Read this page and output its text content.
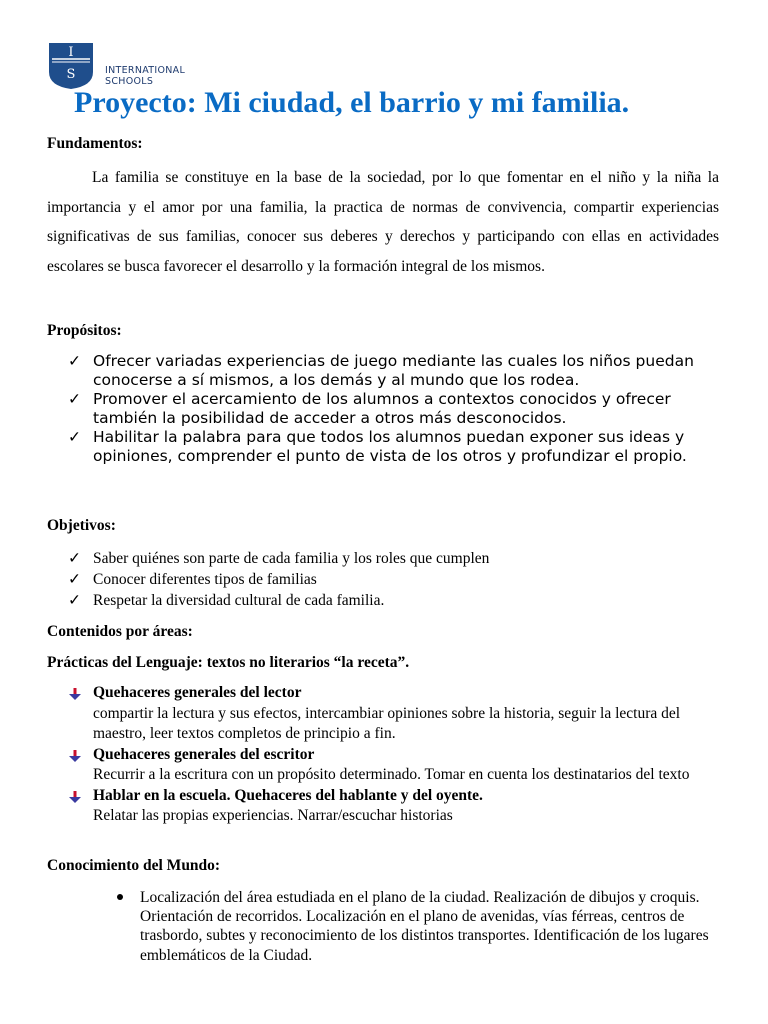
I
S	INTERNATIONAL
SCHOOLS
Proyecto: Mi ciudad, el barrio y mi familia.
Fundamentos:
La familia se constituye en la base de la sociedad, por lo que fomentar en el niño y la niña la importancia y el amor por una familia, la practica de normas de convivencia, compartir experiencias significativas de sus familias, conocer sus deberes y derechos y participando con ellas en actividades escolares se busca favorecer el desarrollo y la formación integral de los mismos.
Propósitos:
✓ Ofrecer variadas experiencias de juego mediante las cuales los niños puedan conocerse a sí mismos, a los demás y al mundo que los rodea.
✓ Promover el acercamiento de los alumnos a contextos conocidos y ofrecer también la posibilidad de acceder a otros más desconocidos.
✓ Habilitar la palabra para que todos los alumnos puedan exponer sus ideas y opiniones, comprender el punto de vista de los otros y profundizar el propio.
Objetivos:
✓ Saber quiénes son parte de cada familia y los roles que cumplen
✓ Conocer diferentes tipos de familias
✓ Respetar la diversidad cultural de cada familia.
Contenidos por áreas:
Prácticas del Lenguaje: textos no literarios “la receta”.
Quehaceres generales del lector
compartir la lectura y sus efectos, intercambiar opiniones sobre la historia, seguir la lectura del maestro, leer textos completos de principio a fin.
Quehaceres generales del escritor
Recurrir a la escritura con un propósito determinado. Tomar en cuenta los destinatarios del texto
Hablar en la escuela. Quehaceres del hablante y del oyente.
Relatar las propias experiencias. Narrar/escuchar historias
Conocimiento del Mundo:
Localización del área estudiada en el plano de la ciudad. Realización de dibujos y croquis. Orientación de recorridos. Localización en el plano de avenidas, vías férreas, centros de trasbordo, subtes y reconocimiento de los distintos transportes. Identificación de los lugares emblemáticos de la Ciudad.
